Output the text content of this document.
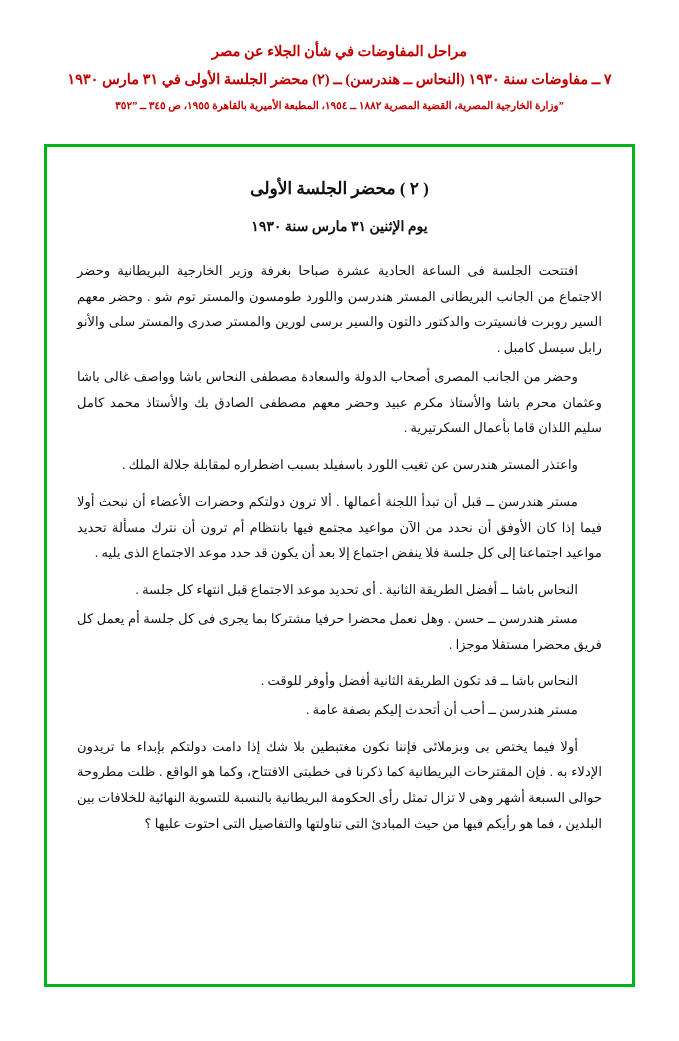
مراحل المفاوضات في شأن الجلاء عن مصر
٧ ــ مفاوضات سنة ١٩٣٠ (النحاس ــ هندرسن) ــ (٢) محضر الجلسة الأولى في ٣١ مارس ١٩٣٠
ˮوزارة الخارجية المصرية، القضية المصرية ١٨٨٢ ــ ١٩٥٤، المطبعة الأميرية بالقاهرة ١٩٥٥، ص ٣٤٥ ــ ٣٥٢ˮ
( ٢ ) محضر الجلسة الأولى
يوم الإثنين ٣١ مارس سنة ١٩٣٠

افتتحت الجلسة فى الساعة الحادية عشرة صباحا بغرفة وزير الخارجية البريطانية وحضر الاجتماع من الجانب البريطانى المستر هندرسن واللورد طومسون والمستر توم شو . وحضر معهم السير روبرت فانسيترت والدكتور دالتون والسير برسى لورين والمستر صدرى والمستر سلى والأنو رابل سيسل كامبل .

وحضر من الجانب المصرى أصحاب الدولة والسعادة مصطفى النحاس باشا وواصف غالى باشا وعثمان محرم باشا والأستاذ مكرم عبيد وحضر معهم مصطفى الصادق بك والأستاذ محمد كامل سليم اللذان قاما بأعمال السكرتيرية .

واعتذر المستر هندرسن عن تغيب اللورد باسفيلد بسبب اضطراره لمقابلة جلالة الملك .

مستر هندرسن ــ قبل أن تبدأ اللجنة أعمالها . ألا ترون دولتكم وحضرات الأعضاء أن نبحث أولا فيما إذا كان الأوفق أن نحدد من الآن مواعيد مجتمع فيها بانتظام أم ترون أن نترك مسألة تحديد مواعيد اجتماعنا إلى كل جلسة فلا ينفض اجتماع إلا بعد أن يكون قد حدد موعد الاجتماع الذى يليه .

النحاس باشا ــ أفضل الطريقة الثانية . أى تحديد موعد الاجتماع قبل انتهاء كل جلسة .

مستر هندرسن ــ حسن . وهل نعمل محضرا حرفيا مشتركا بما يجرى فى كل جلسة أم يعمل كل فريق محضرا مستقلا موجزا .

النحاس باشا ــ قد تكون الطريقة الثانية أفضل وأوفر للوقت .

مستر هندرسن ــ أحب أن أتحدث إليكم بصفة عامة .

أولا فيما يختص بى وبزملائى فإننا نكون مغتبطين بلا شك إذا دامت دولتكم بإبداء ما تريدون الإدلاء به . فإن المقترحات البريطانية كما ذكرنا فى خطبتى الافتتاح، وكما هو الواقع . ظلت مطروحة حوالى السبعة أشهر وهى لا تزال تمثل رأى الحكومة البريطانية بالنسبة للتسوية النهائية للخلافات بين البلدين ، فما هو رأيكم فيها من حيث المبادئ التى تناولتها والتفاصيل التى احتوت عليها ؟
